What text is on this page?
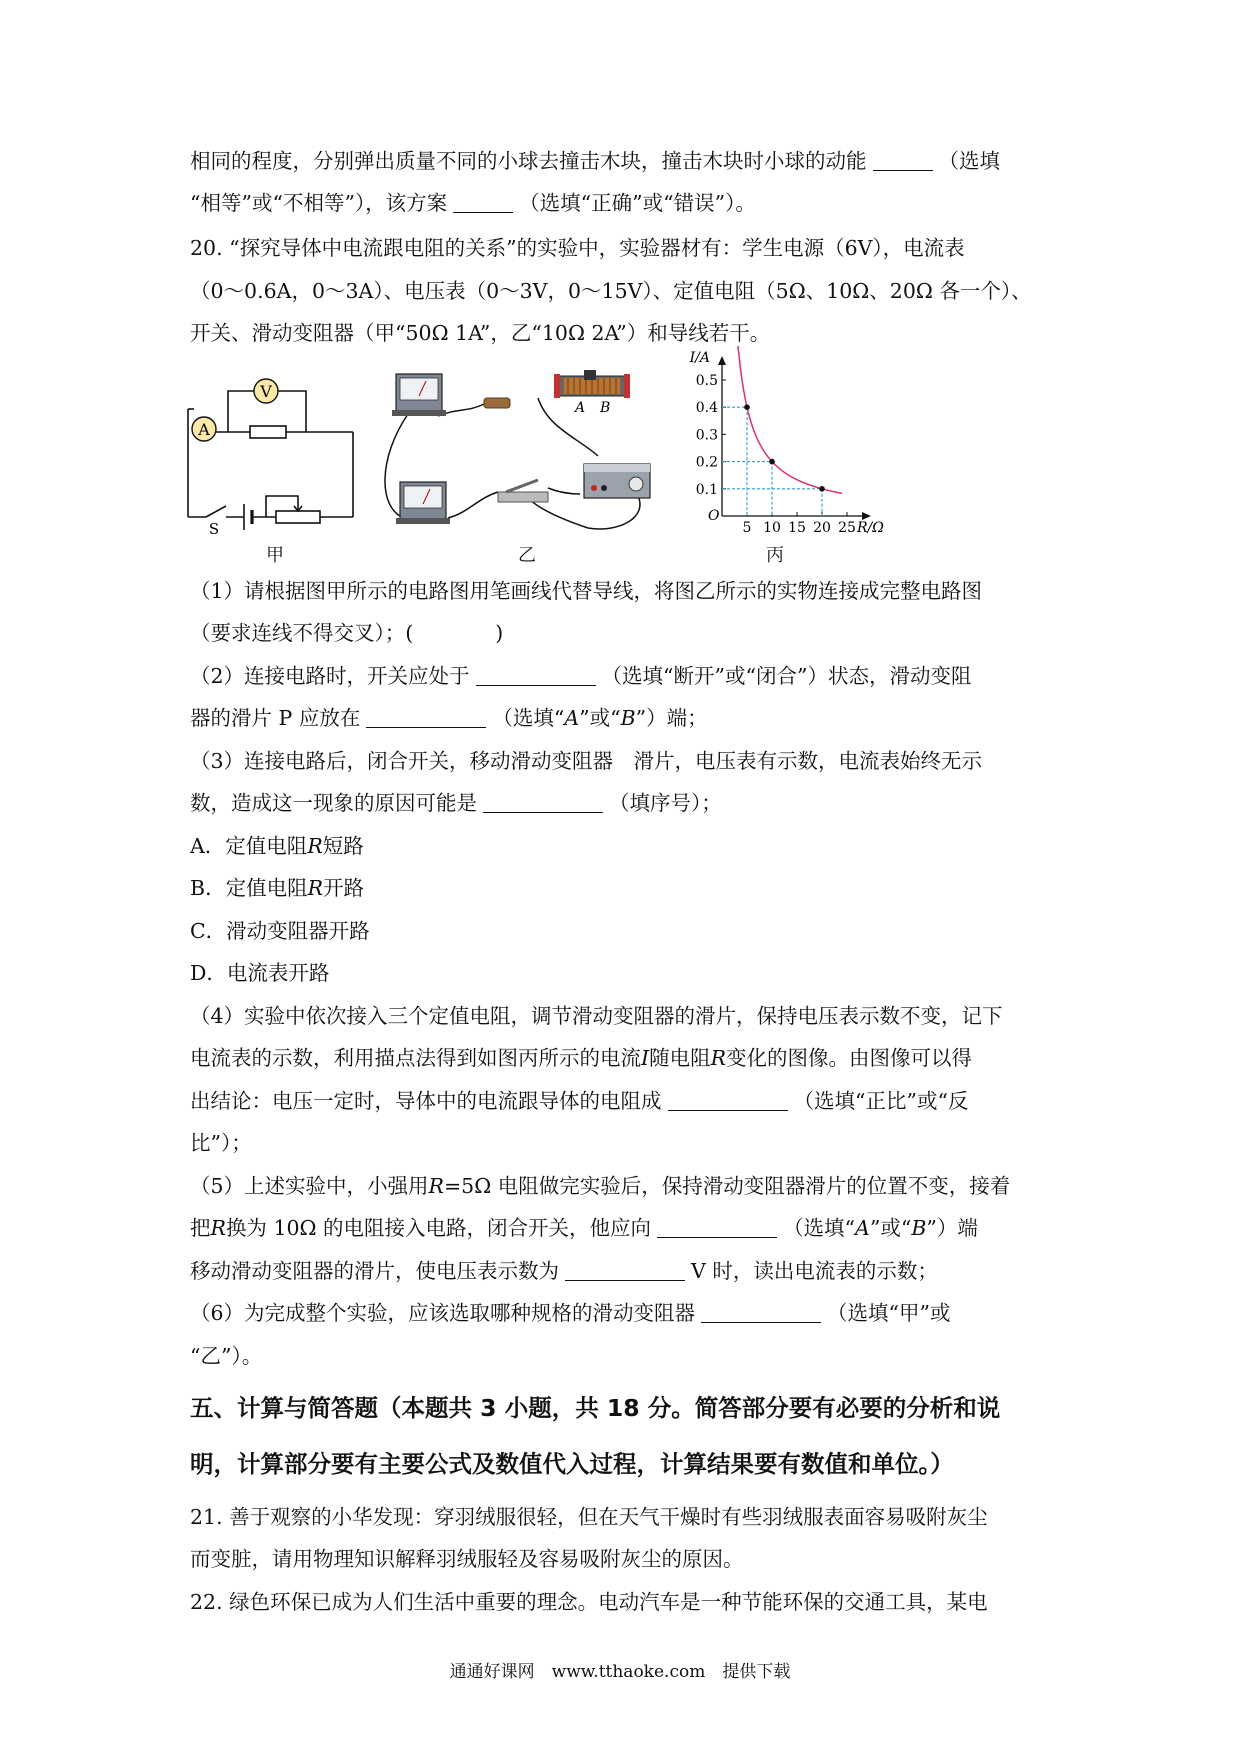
相同的程度，分别弹出质量不同的小球去撞击木块，撞击木块时小球的动能	（选填
“相等”或“不相等”），该方案	（选填“正确”或“错误”）。
20. “探究导体中电流跟电阻的关系”的实验中，实验器材有：学生电源（6V），电流表
（0～0.6A，0～3A）、电压表（0～3V，0～15V）、定值电阻（5Ω、10Ω、20Ω 各一个）、
开关、滑动变阻器（甲“50Ω 1A”，乙“10Ω 2A”）和导线若干。
A
V
S
甲
A B
乙
I/A
R/Ω
O
5 10 15 20 25
0.1
0.2
0.3
0.4
0.5
丙
（1）请根据图甲所示的电路图用笔画线代替导线，将图乙所示的实物连接成完整电路图
（要求连线不得交叉）；(　　　　)
（2）连接电路时，开关应处于	（选填“断开”或“闭合”）状态，滑动变阻
器的滑片 P 应放在	（选填“A”或“B”）端；
（3）连接电路后，闭合开关，移动滑动变阻器　滑片，电压表有示数，电流表始终无示
数，造成这一现象的原因可能是	（填序号）；
A．定值电阻R短路
B．定值电阻R开路
C．滑动变阻器开路
D．电流表开路
（4）实验中依次接入三个定值电阻，调节滑动变阻器的滑片，保持电压表示数不变，记下
电流表的示数，利用描点法得到如图丙所示的电流I随电阻R变化的图像。由图像可以得
出结论：电压一定时，导体中的电流跟导体的电阻成	（选填“正比”或“反
比”）；
（5）上述实验中，小强用R=5Ω 电阻做完实验后，保持滑动变阻器滑片的位置不变，接着
把R换为 10Ω 的电阻接入电路，闭合开关，他应向	（选填“A”或“B”）端
移动滑动变阻器的滑片，使电压表示数为	V 时，读出电流表的示数；
（6）为完成整个实验，应该选取哪种规格的滑动变阻器	（选填“甲”或
“乙”）。
五、计算与简答题（本题共 3 小题，共 18 分。简答部分要有必要的分析和说
明，计算部分要有主要公式及数值代入过程，计算结果要有数值和单位。）
21. 善于观察的小华发现：穿羽绒服很轻，但在天气干燥时有些羽绒服表面容易吸附灰尘
而变脏，请用物理知识解释羽绒服轻及容易吸附灰尘的原因。
22. 绿色环保已成为人们生活中重要的理念。电动汽车是一种节能环保的交通工具，某电
通通好课网　www.tthaoke.com　提供下载
